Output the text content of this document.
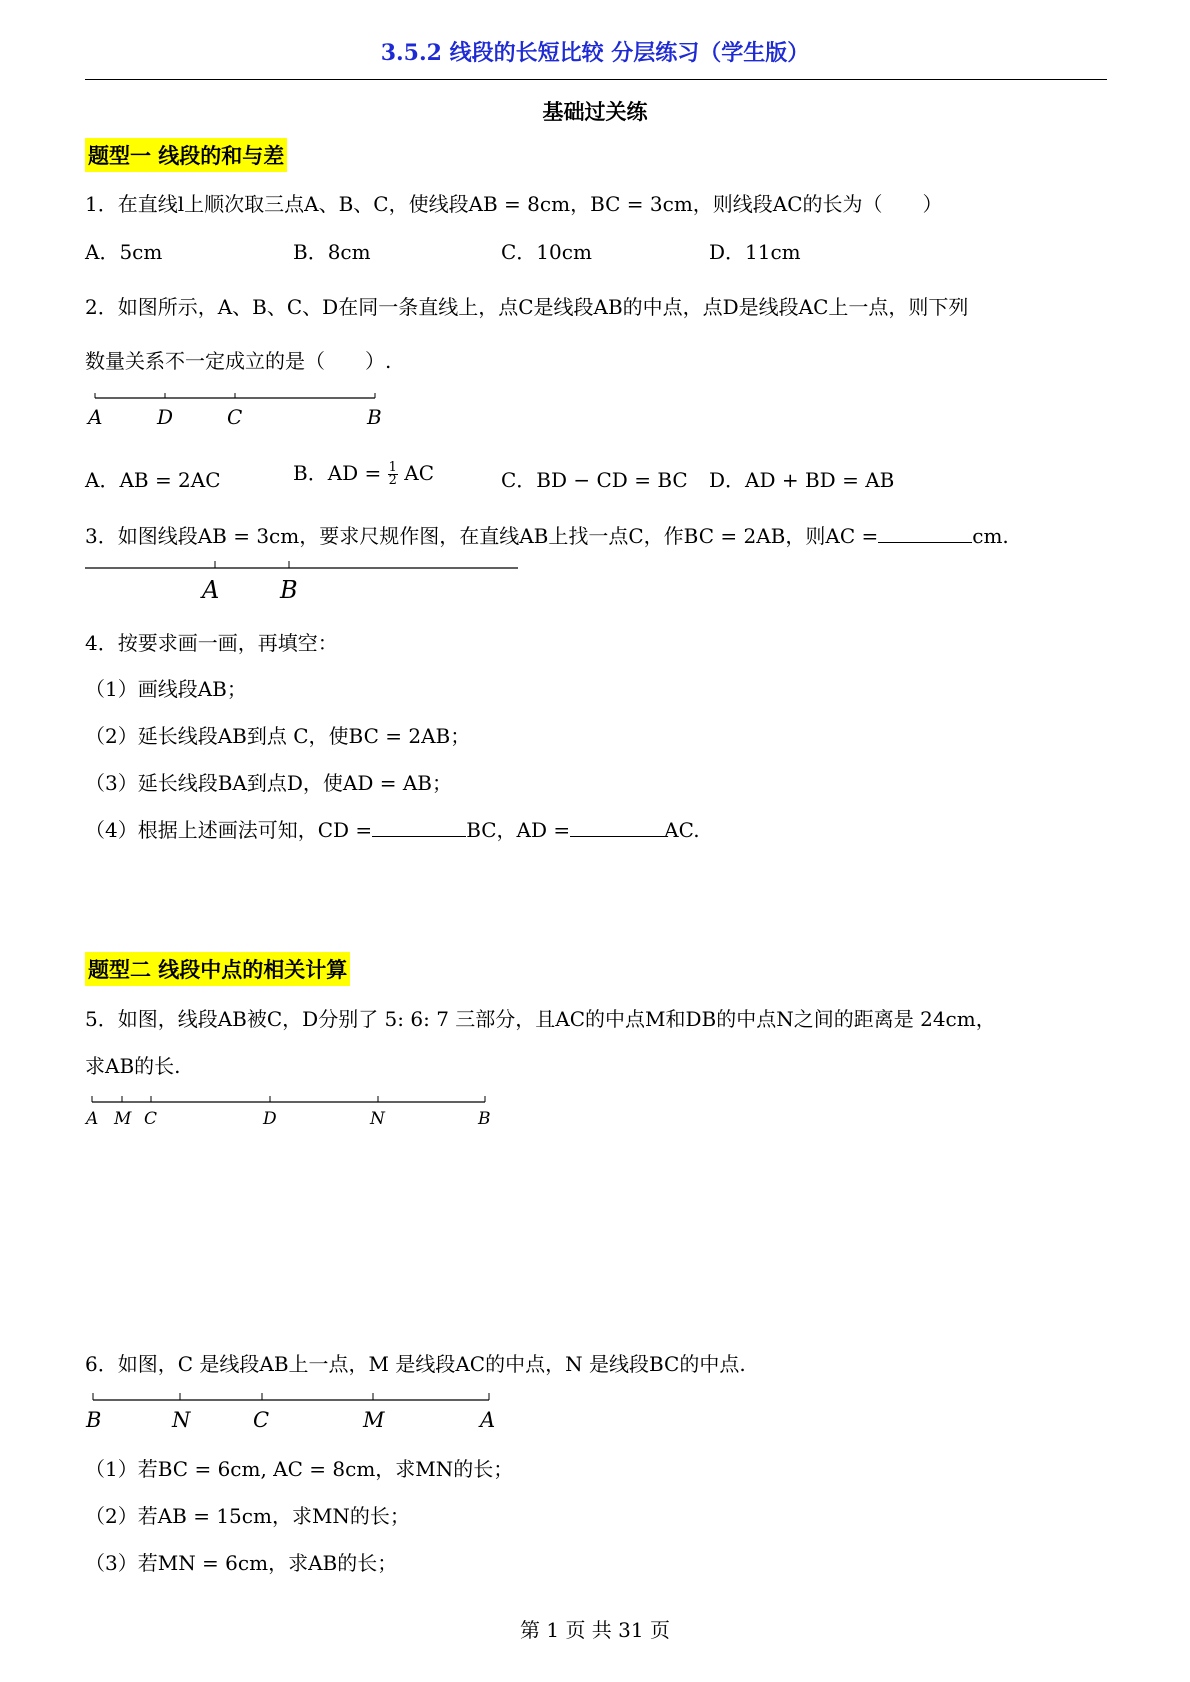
3.5.2 线段的长短比较 分层练习（学生版）
基础过关练
题型一 线段的和与差
1．在直线l上顺次取三点A、B、C，使线段AB = 8cm，BC = 3cm，则线段AC的长为（　　）
A．5cm	B．8cm	C．10cm	D．11cm
2．如图所示，A、B、C、D在同一条直线上，点C是线段AB的中点，点D是线段AC上一点，则下列
数量关系不一定成立的是（　　）.
A	D	C	B
A．AB = 2AC	B．AD = $\frac{1}{2}$ AC	C．BD − CD = BC D．AD + BD = AB
3．如图线段AB = 3cm，要求尺规作图，在直线AB上找一点C，作BC = 2AB，则AC =	cm.
A	B
4．按要求画一画，再填空：
（1）画线段AB；
（2）延长线段AB到点 C，使BC = 2AB；
（3）延长线段BA到点D，使AD = AB；
（4）根据上述画法可知，CD =	BC，AD =	AC.
题型二 线段中点的相关计算
5．如图，线段AB被C，D分别了 5: 6: 7 三部分，且AC的中点M和DB的中点N之间的距离是 24cm，
求AB的长.
A M C	D	N	B
6．如图，C 是线段AB上一点，M 是线段AC的中点，N 是线段BC的中点.
B	N	C	M	A
（1）若BC = 6cm, AC = 8cm，求MN的长；
（2）若AB = 15cm，求MN的长；
（3）若MN = 6cm，求AB的长；
第 1 页 共 31 页
